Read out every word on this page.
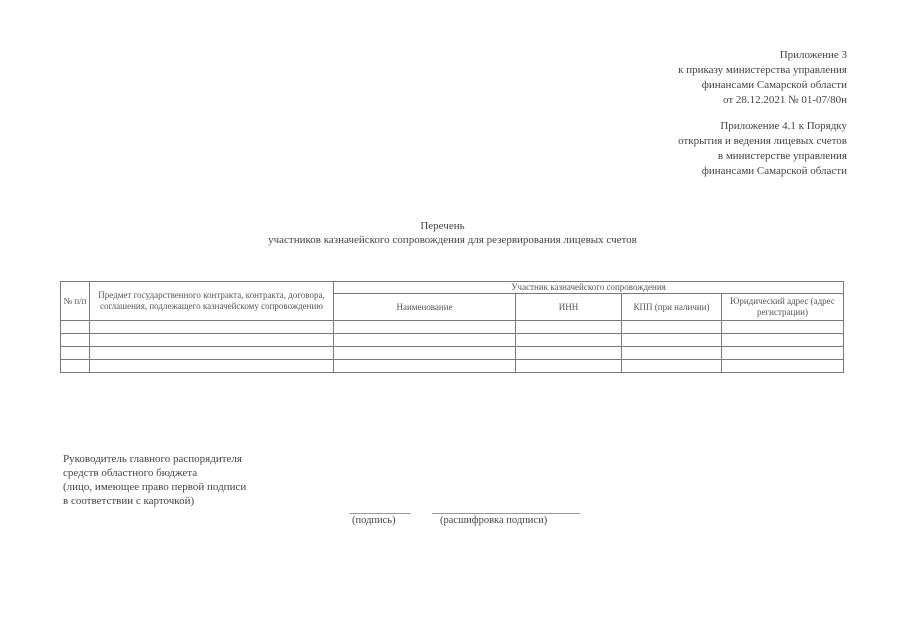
Приложение 3
к приказу министерства управления
финансами Самарской области
от 28.12.2021 № 01-07/80н
Приложение 4.1 к Порядку
открытия и ведения лицевых счетов
в министерстве управления
финансами Самарской области
Перечень
участников казначейского сопровождения для резервирования лицевых счетов
№ п/п	Предмет государственного контракта, контракта, договора, соглашения, подлежащего казначейскому сопровождению	Участник казначейского сопровождения			
		Наименование	ИНН	КПП (при наличии)	Юридический адрес (адрес регистрации)

Руководитель главного распорядителя
средств областного бюджета
(лицо, имеющее право первой подписи
в соответствии с карточкой)
(подпись)	(расшифровка подписи)
